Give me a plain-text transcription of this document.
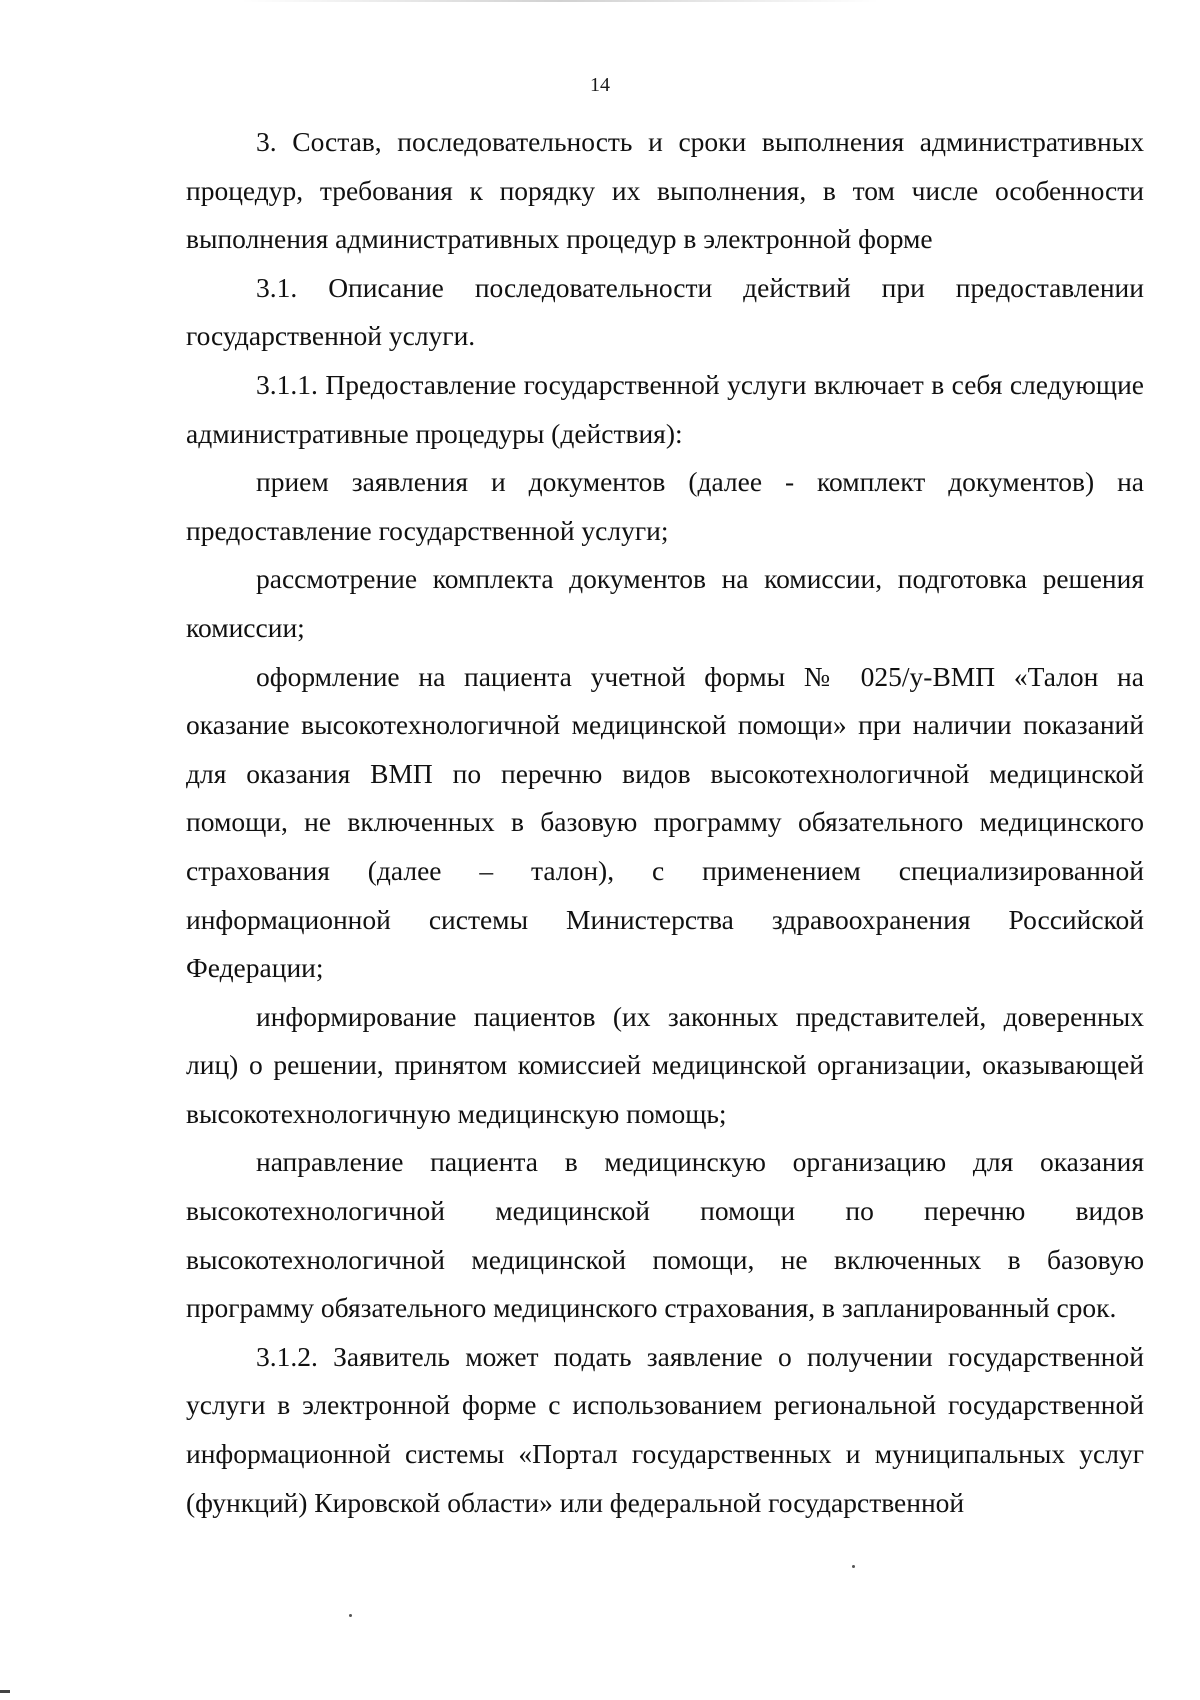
14

3. Состав, последовательность и сроки выполнения административных процедур, требования к порядку их выполнения, в том числе особенности выполнения административных процедур в электронной форме

3.1. Описание последовательности действий при предоставлении государственной услуги.

3.1.1. Предоставление государственной услуги включает в себя следующие административные процедуры (действия):

прием заявления и документов (далее - комплект документов) на предоставление государственной услуги;

рассмотрение комплекта документов на комиссии, подготовка решения комиссии;

оформление на пациента учетной формы № 025/у-ВМП «Талон на оказание высокотехнологичной медицинской помощи» при наличии показаний для оказания ВМП по перечню видов высокотехнологичной медицинской помощи, не включенных в базовую программу обязательного медицинского страхования (далее – талон), с применением специализированной информационной системы Министерства здравоохранения Российской Федерации;

информирование пациентов (их законных представителей, доверенных лиц) о решении, принятом комиссией медицинской организации, оказывающей высокотехнологичную медицинскую помощь;

направление пациента в медицинскую организацию для оказания высокотехнологичной медицинской помощи по перечню видов высокотехнологичной медицинской помощи, не включенных в базовую программу обязательного медицинского страхования, в запланированный срок.

3.1.2. Заявитель может подать заявление о получении государственной услуги в электронной форме с использованием региональной государственной информационной системы «Портал государственных и муниципальных услуг (функций) Кировской области» или федеральной государственной
